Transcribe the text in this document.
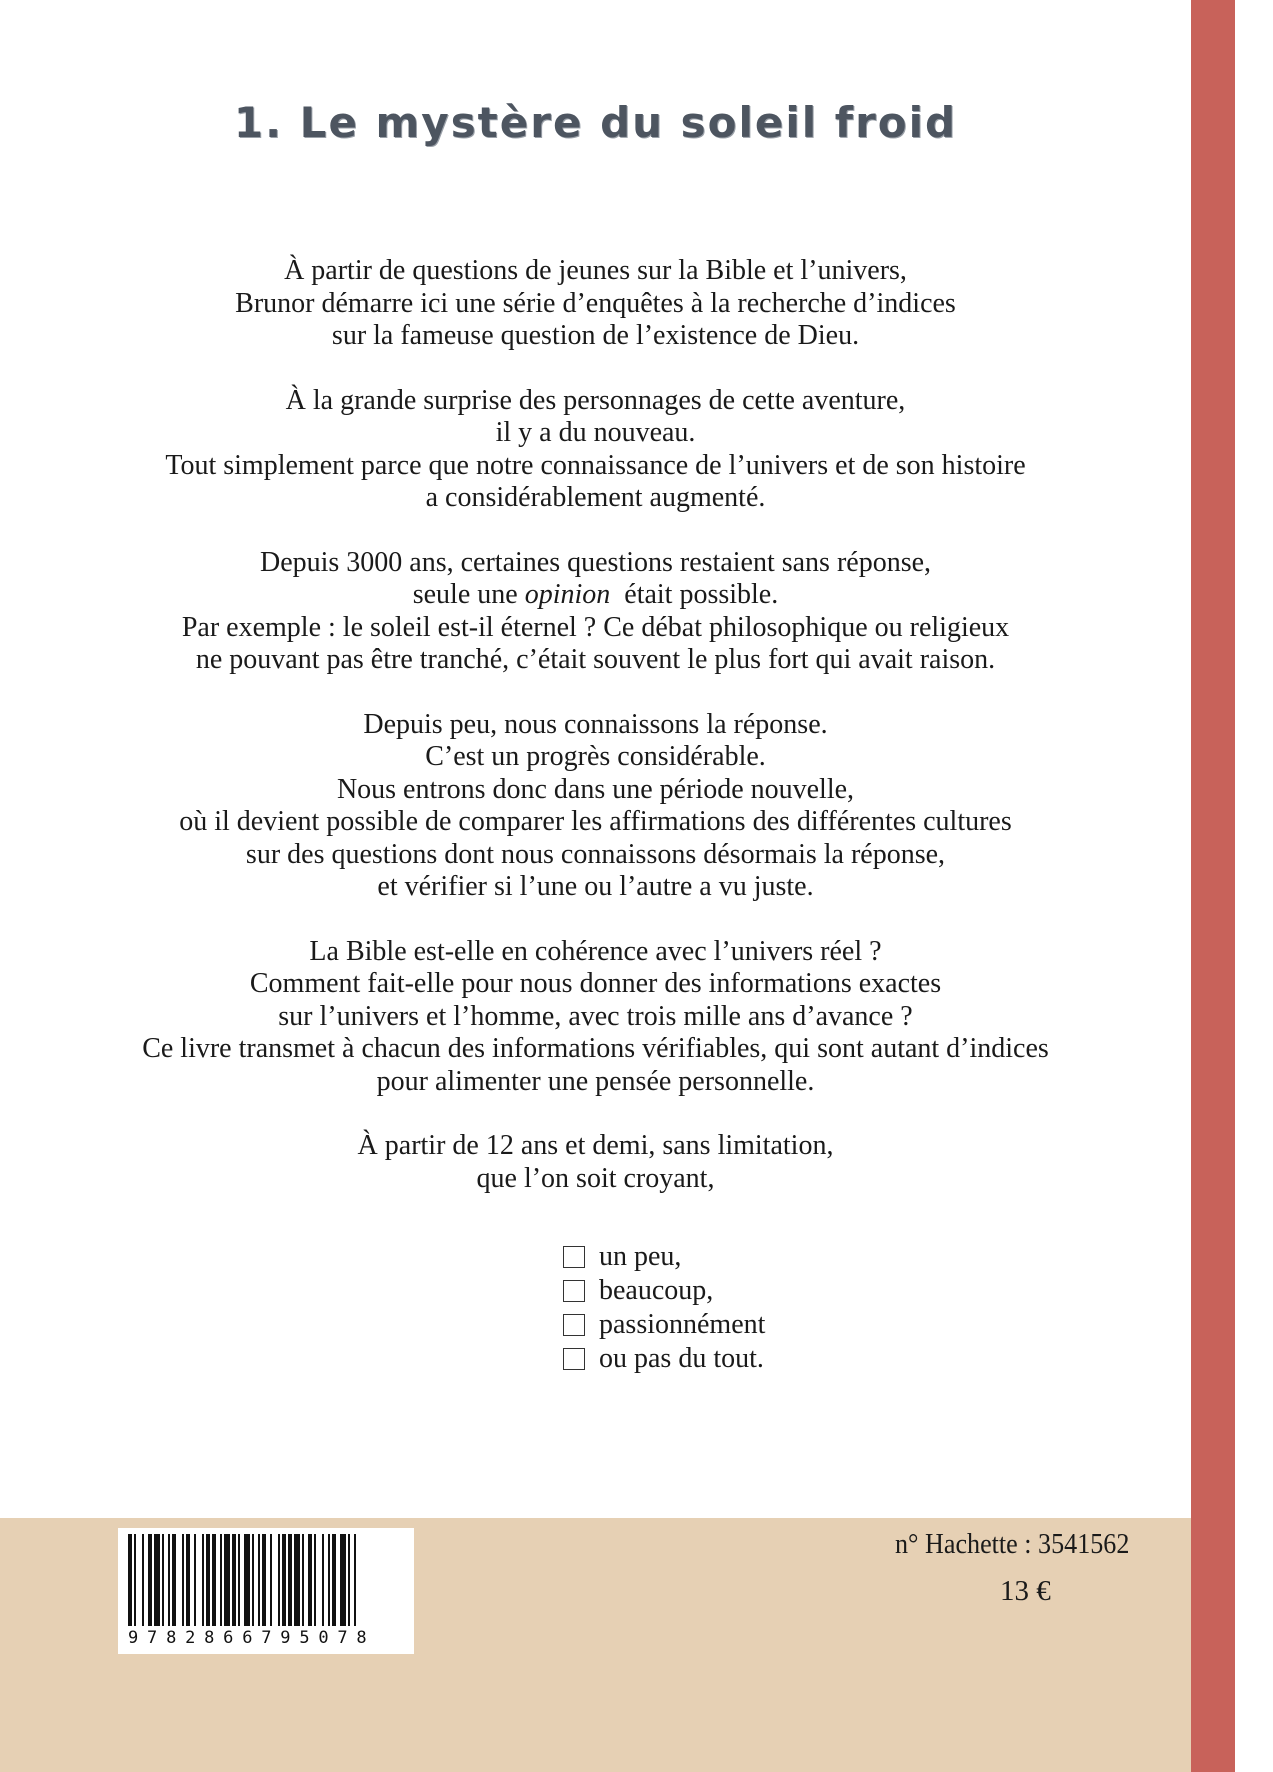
Les indices pensables
1. Le mystère du soleil froid

À partir de questions de jeunes sur la Bible et l’univers,
Brunor démarre ici une série d’enquêtes à la recherche d’indices
sur la fameuse question de l’existence de Dieu.

À la grande surprise des personnages de cette aventure,
il y a du nouveau.
Tout simplement parce que notre connaissance de l’univers et de son histoire
a considérablement augmenté.

Depuis 3000 ans, certaines questions restaient sans réponse,
seule une opinion  était possible.
Par exemple : le soleil est-il éternel ? Ce débat philosophique ou religieux
ne pouvant pas être tranché, c’était souvent le plus fort qui avait raison.

Depuis peu, nous connaissons la réponse.
C’est un progrès considérable.
Nous entrons donc dans une période nouvelle,
où il devient possible de comparer les affirmations des différentes cultures
sur des questions dont nous connaissons désormais la réponse,
et vérifier si l’une ou l’autre a vu juste.

La Bible est-elle en cohérence avec l’univers réel ?
Comment fait-elle pour nous donner des informations exactes
sur l’univers et l’homme, avec trois mille ans d’avance ?
Ce livre transmet à chacun des informations vérifiables, qui sont autant d’indices
pour alimenter une pensée personnelle.

À partir de 12 ans et demi, sans limitation,
que l’on soit croyant,

un peu,
beaucoup,
passionnément
ou pas du tout.
9782866795078
n° Hachette : 3541562
13 €
